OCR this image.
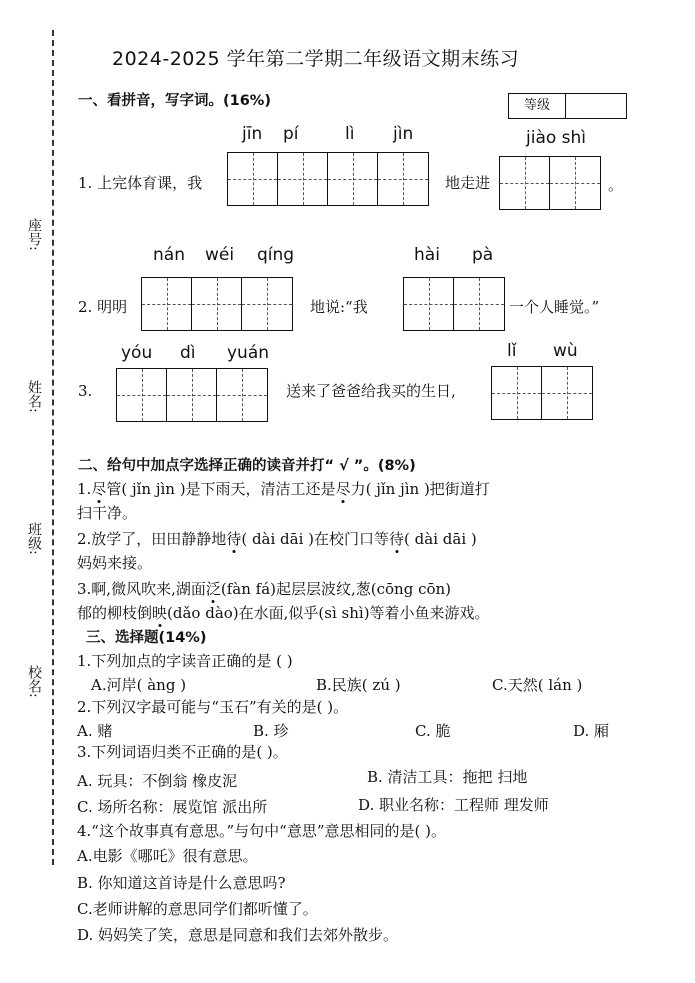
座号:
姓名:
班级:
校名:
2024-2025 学年第二学期二年级语文期末练习
等级
一、看拼音，写字词。(16%)
jīn pí	lì jìn	jiào shì
1. 上完体育课，我	地走进	。
nán wéi qíng	hài pà
2. 明明	地说:“我	一个人睡觉。”
yóu dì yuán	lǐ wù
3.	送来了爸爸给我买的生日,
二、给句中加点字选择正确的读音并打“ √ ”。(8%)
1.尽管( jǐn jìn )是下雨天，清洁工还是尽力( jǐn jìn )把街道打
扫干净。
2.放学了，田田静静地待( dài dāi )在校门口等待( dài dāi )
妈妈来接。
3.啊,微风吹来,湖面泛(fàn fá)起层层波纹,葱(cōng cōn)
郁的柳枝倒映(dǎo dào)在水面,似乎(sì shì)等着小鱼来游戏。
三、选择题(14%)
1.下列加点的字读音正确的是 ( )
A.河岸( àng )	B.民族( zú )	C.天然( lán )
2.下列汉字最可能与“玉石”有关的是( )。
A. 赌	B. 珍	C. 脆	D. 厢
3.下列词语归类不正确的是( )。
A. 玩具：不倒翁 橡皮泥	B. 清洁工具：拖把 扫地
C. 场所名称：展览馆 派出所	D. 职业名称：工程师 理发师
4.“这个故事真有意思。”与句中“意思”意思相同的是( )。
A.电影《哪吒》很有意思。
B. 你知道这首诗是什么意思吗?
C.老师讲解的意思同学们都听懂了。
D. 妈妈笑了笑，意思是同意和我们去郊外散步。
